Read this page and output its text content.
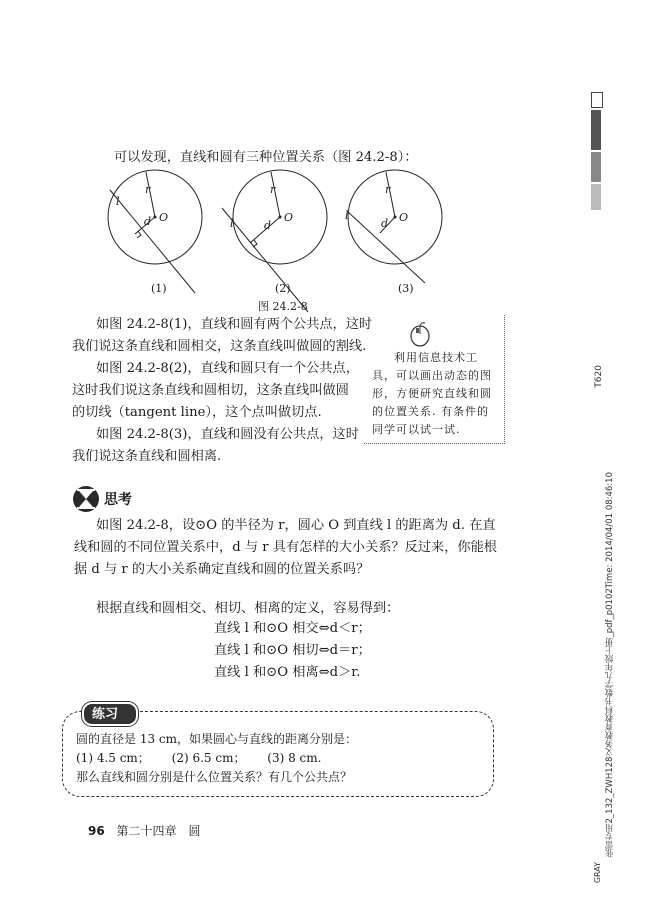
T620
张雷专用2_132_ZWH128义务教育教科书数学九年级上册_pdf_p0102Time: 2014/04/01 08:46:10
GRAY

可以发现，直线和圆有三种位置关系（图 24.2-8）：

l
r
d O	l
r
d
O	l
r
d O
(1)	(2)	(3)
图 24.2-8

如图 24.2-8(1)，直线和圆有两个公共点，这时

我们说这条直线和圆相交，这条直线叫做圆的割线.

如图 24.2-8(2)，直线和圆只有一个公共点，

这时我们说这条直线和圆相切，这条直线叫做圆

的切线（tangent line），这个点叫做切点.

如图 24.2-8(3)，直线和圆没有公共点，这时

我们说这条直线和圆相离.

利用信息技术工
具，可以画出动态的图
形，方便研究直线和圆
的位置关系. 有条件的
同学可以试一试.
思考

如图 24.2-8，设⊙O 的半径为 r，圆心 O 到直线 l 的距离为 d. 在直

线和圆的不同位置关系中，d 与 r 具有怎样的大小关系？反过来，你能根

据 d 与 r 的大小关系确定直线和圆的位置关系吗？

根据直线和圆相交、相切、相离的定义，容易得到：

直线 l 和⊙O 相交⇔d＜r；

直线 l 和⊙O 相切⇔d＝r；

直线 l 和⊙O 相离⇔d＞r.

练习
圆的直径是 13 cm，如果圆心与直线的距离分别是：
(1) 4.5 cm； (2) 6.5 cm； (3) 8 cm.
那么直线和圆分别是什么位置关系？有几个公共点？
96 第二十四章　圆
